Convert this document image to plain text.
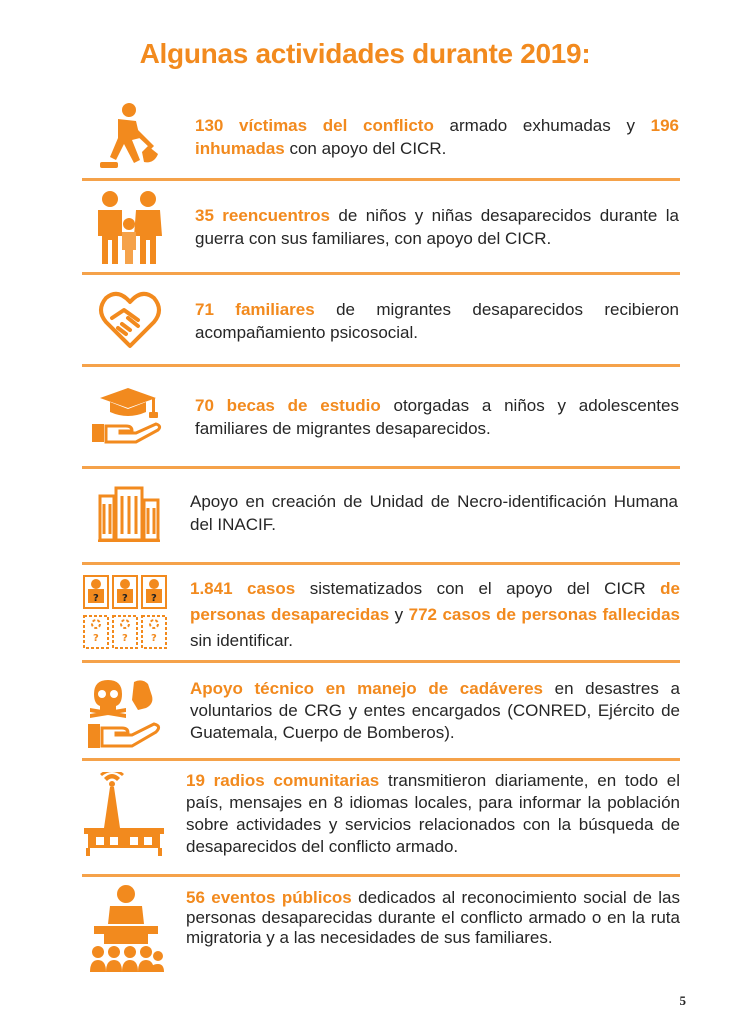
Algunas actividades durante 2019:
130 víctimas del conflicto armado exhumadas y 196 inhumadas con apoyo del CICR.
35 reencuentros de niños y niñas desaparecidos durante la guerra con sus familiares, con apoyo del CICR.
71 familiares de migrantes desaparecidos recibieron acompañamiento psicosocial.
70 becas de estudio otorgadas a niños y adolescentes familiares de migrantes desaparecidos.
Apoyo en creación de Unidad de Necro-identificación Humana del INACIF.
? ? ?
? ? ?
1.841 casos sistematizados con el apoyo del CICR de personas desaparecidas y 772 casos de personas fallecidas sin identificar.
Apoyo técnico en manejo de cadáveres en desastres a voluntarios de CRG y entes encargados (CONRED, Ejército de Guatemala, Cuerpo de Bomberos).
19 radios comunitarias transmitieron diariamente, en todo el país, mensajes en 8 idiomas locales, para informar la población sobre actividades y servicios relacionados con la búsqueda de desaparecidos del conflicto armado.
56 eventos públicos dedicados al reconocimiento social de las personas desaparecidas durante el conflicto armado o en la ruta migratoria y a las necesidades de sus familiares.
5
